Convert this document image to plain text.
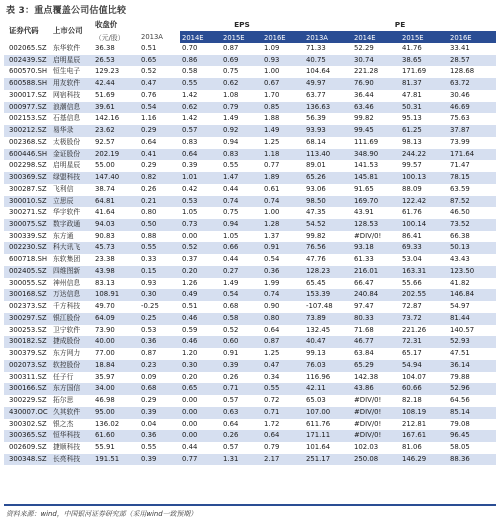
表 3：重点覆盖公司估值比较
证券代码	上市公司	收盘价		EPS			PE			
		（元/股）	2013A	2014E	2015E	2016E	2013A	2014E	2015E	2016E
002065.SZ	东华软件	36.38	0.51	0.70	0.87	1.09	71.33	52.29	41.76	33.41
002439.SZ	启明星辰	26.53	0.65	0.86	0.69	0.93	40.75	30.74	38.65	28.57
600570.SH	恒生电子	129.23	0.52	0.58	0.75	1.00	104.64	221.28	171.69	128.68
600588.SH	用友软件	42.44	0.47	0.55	0.62	0.67	49.97	76.90	81.37	63.72
300017.SZ	网宿科技	51.69	0.76	1.42	1.08	1.70	63.77	36.44	47.81	30.46
000977.SZ	浪潮信息	39.61	0.54	0.62	0.79	0.85	136.63	63.46	50.31	46.69
002153.SZ	石基信息	142.16	1.16	1.42	1.49	1.88	56.39	99.82	95.13	75.63
300212.SZ	易华录	23.62	0.29	0.57	0.92	1.49	93.93	99.45	61.25	37.87
002368.SZ	太极股份	92.57	0.64	0.83	0.94	1.25	68.14	111.69	98.13	73.99
600446.SH	金证股份	202.19	0.41	0.64	0.83	1.18	113.40	348.90	244.22	171.64
002298.SZ	启明星辰	55.00	0.29	0.39	0.55	0.77	89.01	141.53	99.57	71.47
300369.SZ	绿盟科技	147.40	0.82	1.01	1.47	1.89	65.26	145.81	100.13	78.15
300287.SZ	飞利信	38.74	0.26	0.42	0.44	0.61	93.06	91.65	88.09	63.59
300010.SZ	立思辰	64.81	0.21	0.53	0.74	0.74	98.50	169.70	122.42	87.52
300271.SZ	华宇软件	41.64	0.80	1.05	0.75	1.00	47.35	43.91	61.76	46.50
300075.SZ	数字政通	94.03	0.50	0.73	0.94	1.28	54.52	128.53	100.14	73.52
300339.SZ	东方通	90.83	0.88	0.00	1.05	1.37	99.82	#DIV/0!	86.41	66.38
002230.SZ	科大讯飞	45.73	0.55	0.52	0.66	0.91	76.56	93.18	69.33	50.13
600718.SH	东软集团	23.38	0.33	0.37	0.44	0.54	47.76	61.33	53.04	43.43
002405.SZ	四维图新	43.98	0.15	0.20	0.27	0.36	128.23	216.01	163.31	123.50
300055.SZ	神州信息	83.13	0.93	1.26	1.49	1.99	65.45	66.47	55.66	41.82
300168.SZ	万达信息	108.91	0.30	0.49	0.54	0.74	153.39	240.84	202.55	146.84
002373.SZ	千方科技	49.70	-0.25	0.51	0.68	0.90	-107.48	97.47	72.87	54.97
300297.SZ	银江股份	64.09	0.25	0.46	0.58	0.80	73.89	80.33	73.72	81.44
300253.SZ	卫宁软件	73.90	0.53	0.59	0.52	0.64	132.45	71.68	221.26	140.57
300182.SZ	捷成股份	40.00	0.36	0.46	0.60	0.87	40.47	46.77	72.31	52.93
300379.SZ	东方网力	77.00	0.87	1.20	0.91	1.25	99.13	63.84	65.17	47.51
002073.SZ	软控股份	18.84	0.23	0.30	0.39	0.47	76.03	65.29	54.94	36.14
300311.SZ	任子行	35.97	0.09	0.20	0.26	0.34	116.96	142.38	104.07	79.88
300166.SZ	东方国信	34.00	0.68	0.65	0.71	0.55	42.11	43.86	60.66	52.96
300229.SZ	拓尔思	46.98	0.29	0.00	0.57	0.72	65.03	#DIV/0!	82.18	64.56
430007.OC	久其软件	95.00	0.39	0.00	0.63	0.71	107.00	#DIV/0!	108.19	85.14
300302.SZ	银之杰	136.02	0.04	0.00	0.64	1.72	611.76	#DIV/0!	212.81	79.08
300365.SZ	恒华科技	61.60	0.36	0.00	0.26	0.64	171.11	#DIV/0!	167.61	96.45
002609.SZ	捷顺科技	55.91	0.55	0.44	0.57	0.79	101.64	102.03	81.06	58.05
300348.SZ	长亮科技	191.51	0.39	0.77	1.31	2.17	251.17	250.08	146.29	88.36
资料来源：wind，中国银河证券研究部（采用wind一致预期）
